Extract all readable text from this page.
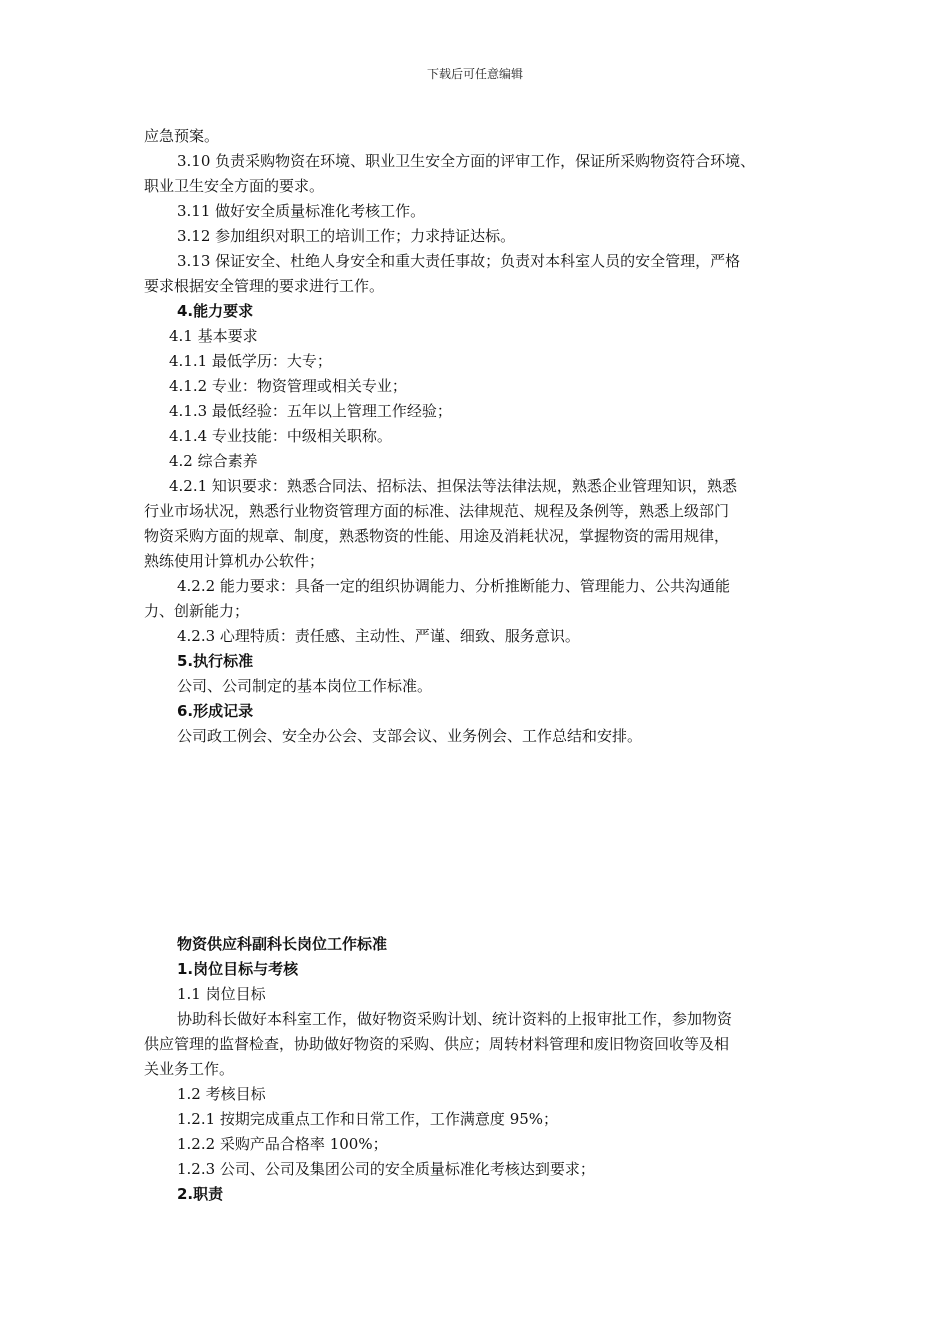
下载后可任意编辑
应急预案。
3.10 负责采购物资在环境、职业卫生安全方面的评审工作，保证所采购物资符合环境、
职业卫生安全方面的要求。
3.11 做好安全质量标准化考核工作。
3.12 参加组织对职工的培训工作；力求持证达标。
3.13 保证安全、杜绝人身安全和重大责任事故；负责对本科室人员的安全管理，严格
要求根据安全管理的要求进行工作。
4.能力要求
4.1 基本要求
4.1.1 最低学历：大专；
4.1.2 专业：物资管理或相关专业；
4.1.3 最低经验：五年以上管理工作经验；
4.1.4 专业技能：中级相关职称。
4.2 综合素养
4.2.1 知识要求：熟悉合同法、招标法、担保法等法律法规，熟悉企业管理知识，熟悉
行业市场状况，熟悉行业物资管理方面的标准、法律规范、规程及条例等，熟悉上级部门
物资采购方面的规章、制度，熟悉物资的性能、用途及消耗状况，掌握物资的需用规律，
熟练使用计算机办公软件；
4.2.2 能力要求：具备一定的组织协调能力、分析推断能力、管理能力、公共沟通能
力、创新能力；
4.2.3 心理特质：责任感、主动性、严谨、细致、服务意识。
5.执行标准
公司、公司制定的基本岗位工作标准。
6.形成记录
公司政工例会、安全办公会、支部会议、业务例会、工作总结和安排。
物资供应科副科长岗位工作标准
1.岗位目标与考核
1.1 岗位目标
协助科长做好本科室工作，做好物资采购计划、统计资料的上报审批工作，参加物资
供应管理的监督检查，协助做好物资的采购、供应；周转材料管理和废旧物资回收等及相
关业务工作。
1.2 考核目标
1.2.1 按期完成重点工作和日常工作，工作满意度 95%；
1.2.2 采购产品合格率 100%；
1.2.3 公司、公司及集团公司的安全质量标准化考核达到要求；
2.职责
